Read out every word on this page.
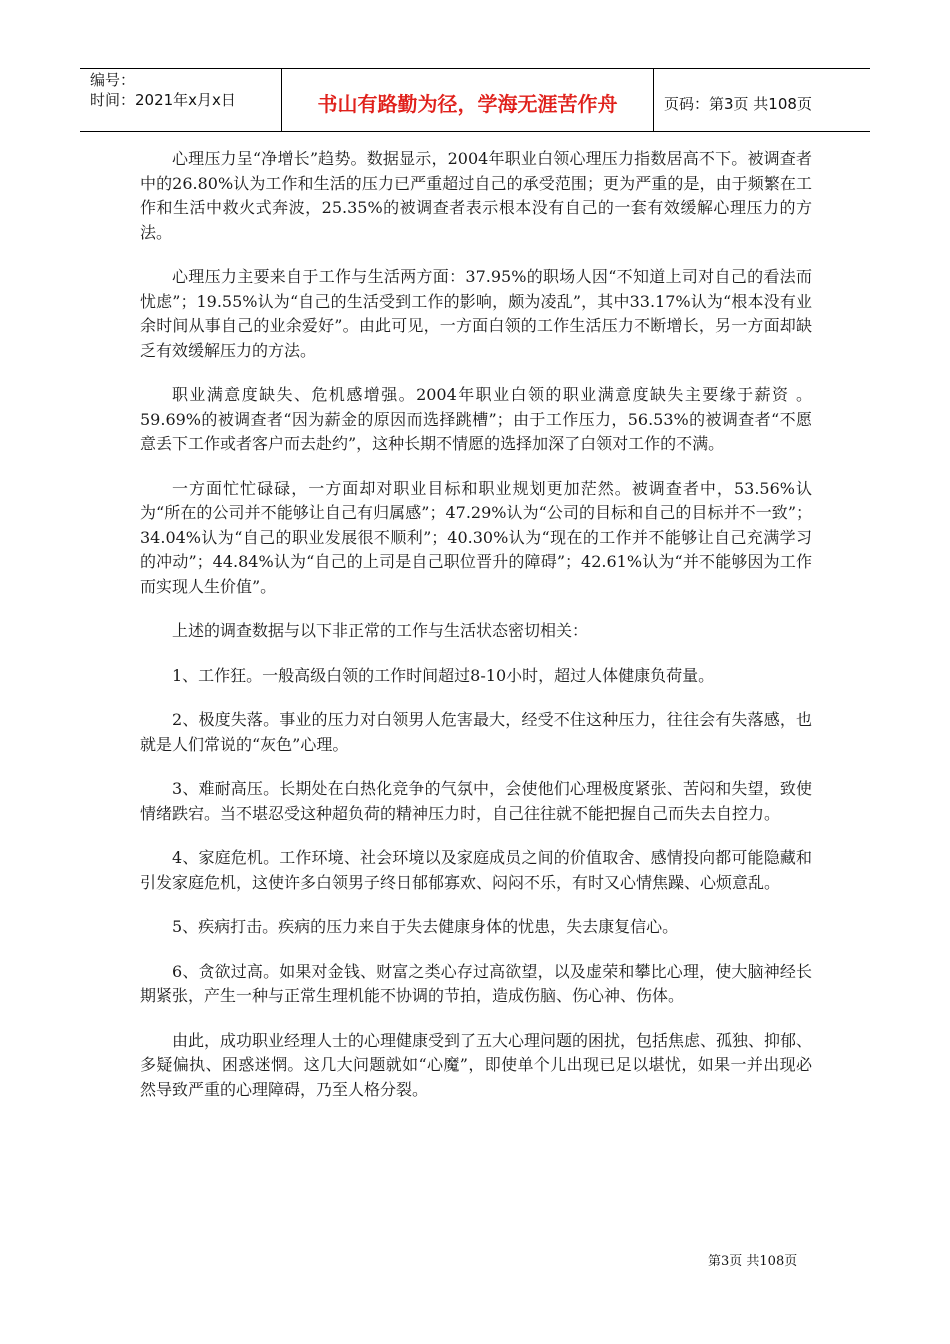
编号：
时间：2021年x月x日	书山有路勤为径，学海无涯苦作舟	页码：第3页 共108页

心理压力呈“净增长”趋势。数据显示，2004年职业白领心理压力指数居高不下。被调查者中的26.80%认为工作和生活的压力已严重超过自己的承受范围；更为严重的是，由于频繁在工作和生活中救火式奔波，25.35%的被调查者表示根本没有自己的一套有效缓解心理压力的方法。

心理压力主要来自于工作与生活两方面：37.95%的职场人因“不知道上司对自己的看法而忧虑”；19.55%认为“自己的生活受到工作的影响，颇为凌乱”，其中33.17%认为“根本没有业余时间从事自己的业余爱好”。由此可见，一方面白领的工作生活压力不断增长，另一方面却缺乏有效缓解压力的方法。

职业满意度缺失、危机感增强。2004年职业白领的职业满意度缺失主要缘于薪资 。59.69%的被调查者“因为薪金的原因而选择跳槽”；由于工作压力，56.53%的被调查者“不愿意丢下工作或者客户而去赴约”，这种长期不情愿的选择加深了白领对工作的不满。

一方面忙忙碌碌，一方面却对职业目标和职业规划更加茫然。被调查者中，53.56%认为“所在的公司并不能够让自己有归属感”；47.29%认为“公司的目标和自己的目标并不一致”；34.04%认为“自己的职业发展很不顺利”；40.30%认为“现在的工作并不能够让自己充满学习的冲动”；44.84%认为“自己的上司是自己职位晋升的障碍”；42.61%认为“并不能够因为工作而实现人生价值”。

上述的调查数据与以下非正常的工作与生活状态密切相关：

1、工作狂。一般高级白领的工作时间超过8-10小时，超过人体健康负荷量。

2、极度失落。事业的压力对白领男人危害最大，经受不住这种压力，往往会有失落感，也就是人们常说的“灰色”心理。

3、难耐高压。长期处在白热化竞争的气氛中，会使他们心理极度紧张、苦闷和失望，致使情绪跌宕。当不堪忍受这种超负荷的精神压力时，自己往往就不能把握自己而失去自控力。

4、家庭危机。工作环境、社会环境以及家庭成员之间的价值取舍、感情投向都可能隐藏和引发家庭危机，这使许多白领男子终日郁郁寡欢、闷闷不乐，有时又心情焦躁、心烦意乱。

5、疾病打击。疾病的压力来自于失去健康身体的忧患，失去康复信心。

6、贪欲过高。如果对金钱、财富之类心存过高欲望，以及虚荣和攀比心理，使大脑神经长期紧张，产生一种与正常生理机能不协调的节拍，造成伤脑、伤心神、伤体。

由此，成功职业经理人士的心理健康受到了五大心理问题的困扰，包括焦虑、孤独、抑郁、多疑偏执、困惑迷惘。这几大问题就如“心魔”，即使单个儿出现已足以堪忧，如果一并出现必然导致严重的心理障碍，乃至人格分裂。

第3页 共108页
